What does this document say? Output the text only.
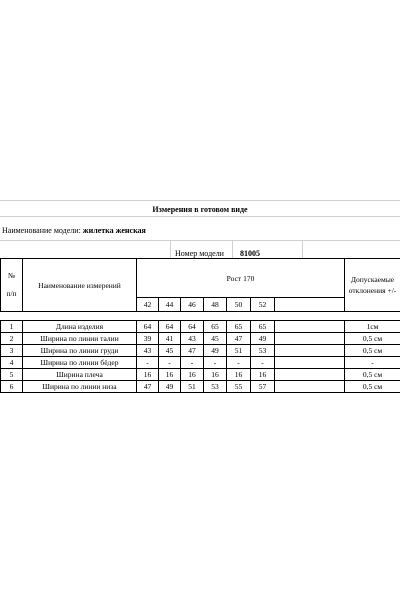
Измерения в готовом виде
Наименование модели: жилетка женская
Номер модели 81005
№
п/п	Наименование измерений	Рост 170							Допускаемые отклонения +/-
		42	44	46	48	50	52		

1	Длина изделия	64	64	64	65	65	65		1см
2	Ширина по линии талии	39	41	43	45	47	49		0,5 см
3	Ширина по линии груди	43	45	47	49	51	53		0,5 см
4	Ширина по линии бёдер	-	-	-	-	-	-		-
5	Ширина плеча	16	16	16	16	16	16		0,5 см
6	Ширина по линии низа	47	49	51	53	55	57		0,5 см
